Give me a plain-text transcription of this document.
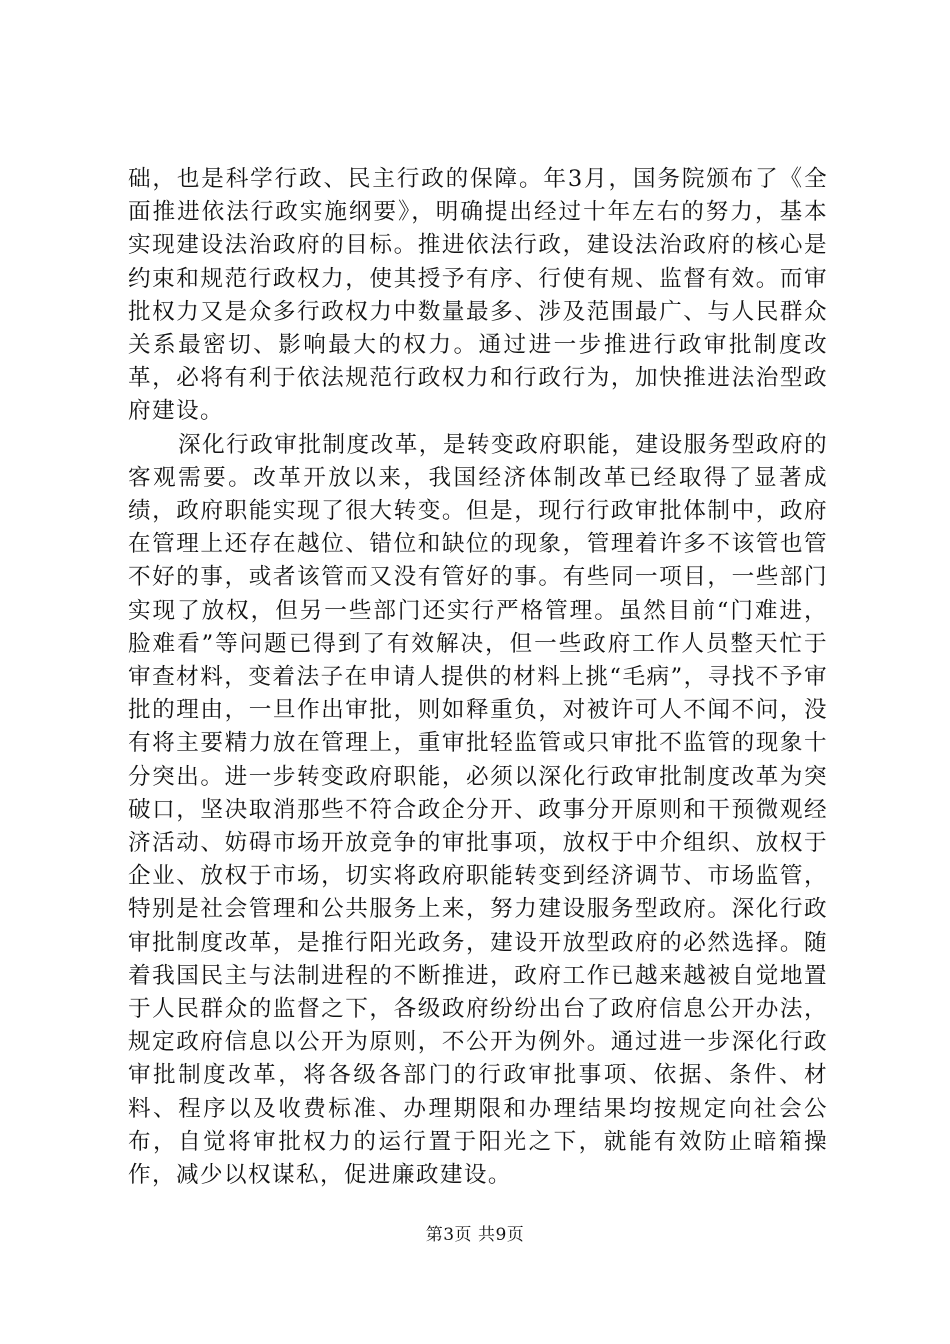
础，也是科学行政、民主行政的保障。年3月，国务院颁布了《全面推进依法行政实施纲要》，明确提出经过十年左右的努力，基本实现建设法治政府的目标。推进依法行政，建设法治政府的核心是约束和规范行政权力，使其授予有序、行使有规、监督有效。而审批权力又是众多行政权力中数量最多、涉及范围最广、与人民群众关系最密切、影响最大的权力。通过进一步推进行政审批制度改革，必将有利于依法规范行政权力和行政行为，加快推进法治型政府建设。

深化行政审批制度改革，是转变政府职能，建设服务型政府的客观需要。改革开放以来，我国经济体制改革已经取得了显著成绩，政府职能实现了很大转变。但是，现行行政审批体制中，政府在管理上还存在越位、错位和缺位的现象，管理着许多不该管也管不好的事，或者该管而又没有管好的事。有些同一项目，一些部门实现了放权，但另一些部门还实行严格管理。虽然目前“门难进，脸难看”等问题已得到了有效解决，但一些政府工作人员整天忙于审查材料，变着法子在申请人提供的材料上挑“毛病”，寻找不予审批的理由，一旦作出审批，则如释重负，对被许可人不闻不问，没有将主要精力放在管理上，重审批轻监管或只审批不监管的现象十分突出。进一步转变政府职能，必须以深化行政审批制度改革为突破口，坚决取消那些不符合政企分开、政事分开原则和干预微观经济活动、妨碍市场开放竞争的审批事项，放权于中介组织、放权于企业、放权于市场，切实将政府职能转变到经济调节、市场监管，特别是社会管理和公共服务上来，努力建设服务型政府。深化行政审批制度改革，是推行阳光政务，建设开放型政府的必然选择。随着我国民主与法制进程的不断推进，政府工作已越来越被自觉地置于人民群众的监督之下，各级政府纷纷出台了政府信息公开办法，规定政府信息以公开为原则，不公开为例外。通过进一步深化行政审批制度改革，将各级各部门的行政审批事项、依据、条件、材料、程序以及收费标准、办理期限和办理结果均按规定向社会公布，自觉将审批权力的运行置于阳光之下，就能有效防止暗箱操作，减少以权谋私，促进廉政建设。

第3页 共9页
